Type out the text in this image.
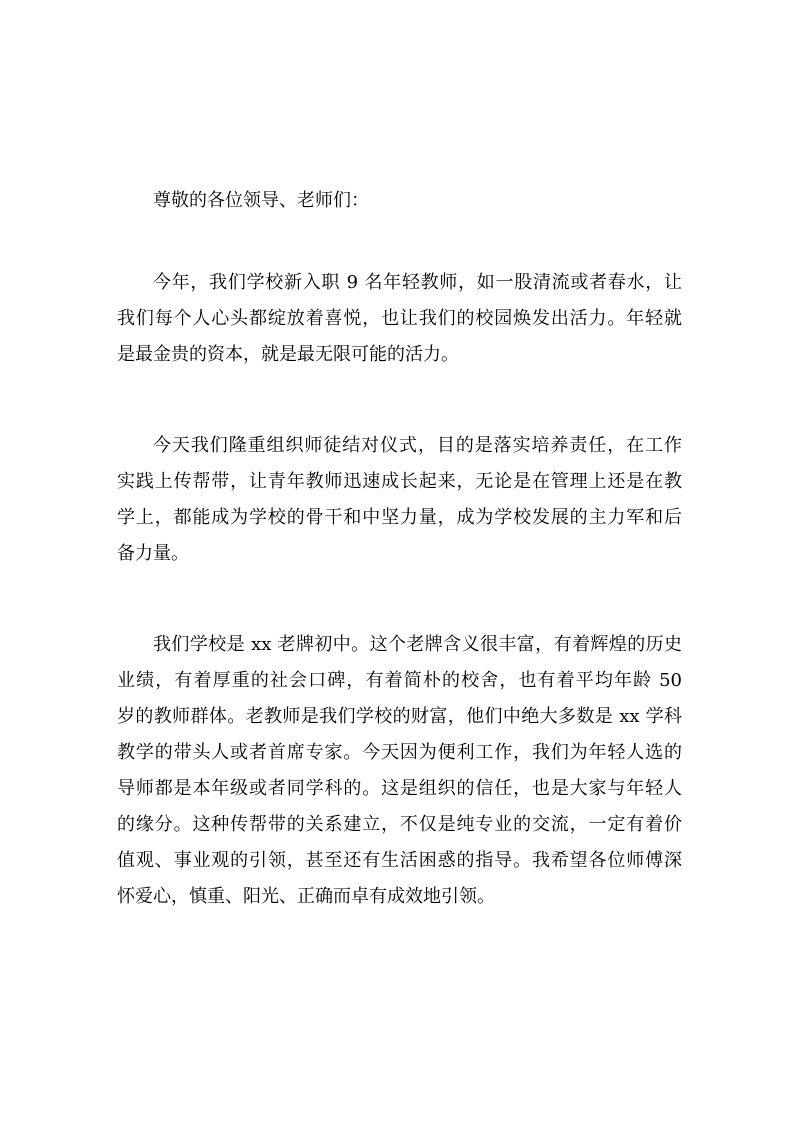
尊敬的各位领导、老师们：
今年，我们学校新入职 9 名年轻教师，如一股清流或者春水，让
我们每个人心头都绽放着喜悦，也让我们的校园焕发出活力。年轻就
是最金贵的资本，就是最无限可能的活力。
今天我们隆重组织师徒结对仪式，目的是落实培养责任，在工作
实践上传帮带，让青年教师迅速成长起来，无论是在管理上还是在教
学上，都能成为学校的骨干和中坚力量，成为学校发展的主力军和后
备力量。
我们学校是 xx 老牌初中。这个老牌含义很丰富，有着辉煌的历史
业绩，有着厚重的社会口碑，有着简朴的校舍，也有着平均年龄 50
岁的教师群体。老教师是我们学校的财富，他们中绝大多数是 xx 学科
教学的带头人或者首席专家。今天因为便利工作，我们为年轻人选的
导师都是本年级或者同学科的。这是组织的信任，也是大家与年轻人
的缘分。这种传帮带的关系建立，不仅是纯专业的交流，一定有着价
值观、事业观的引领，甚至还有生活困惑的指导。我希望各位师傅深
怀爱心，慎重、阳光、正确而卓有成效地引领。
